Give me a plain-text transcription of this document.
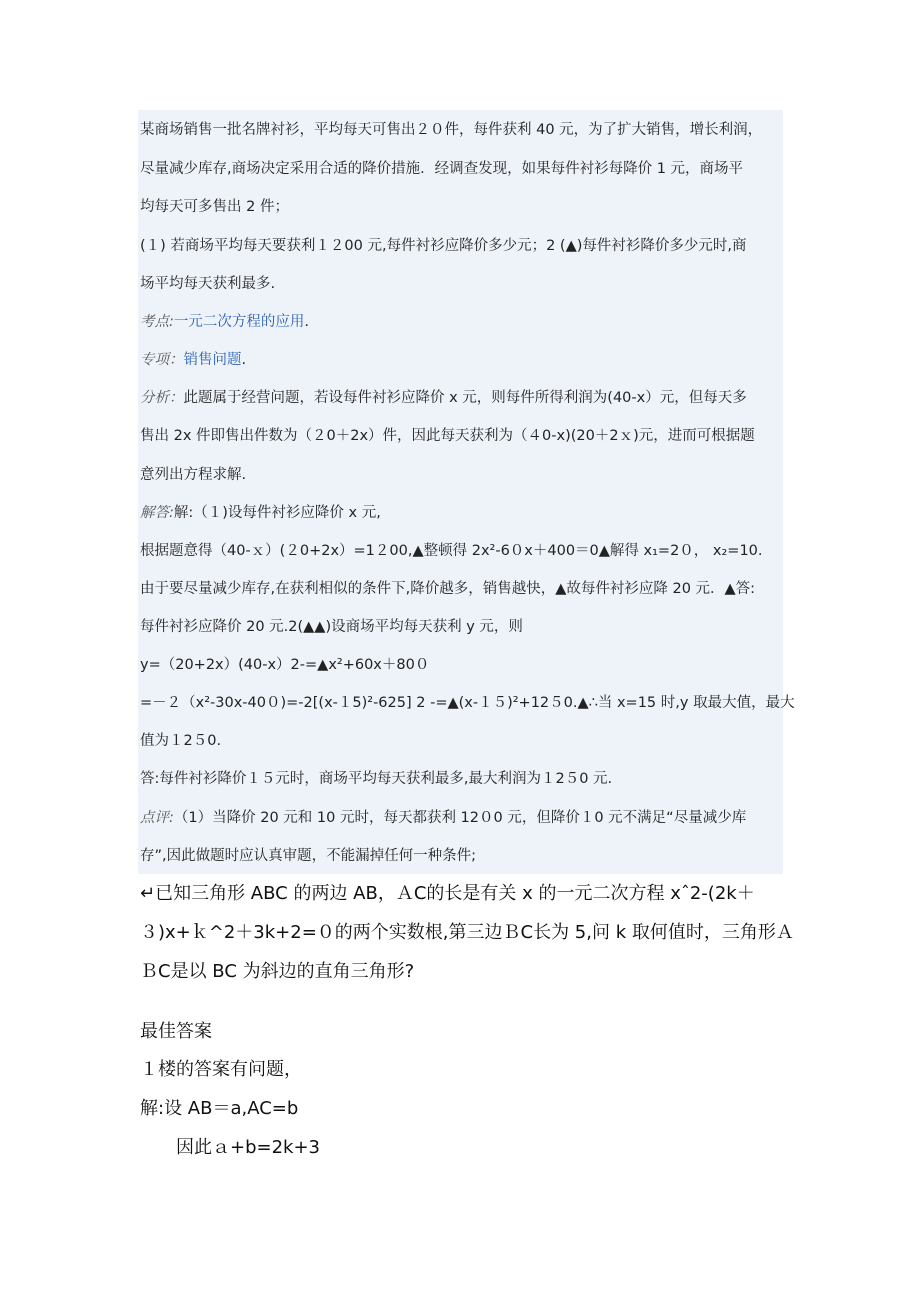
某商场销售一批名牌衬衫，平均每天可售出２０件，每件获利 40 元，为了扩大销售，增长利润，
尽量减少库存,商场决定采用合适的降价措施．经调查发现，如果每件衬衫每降价 1 元，商场平
均每天可多售出 2 件；
(１) 若商场平均每天要获利１２00 元,每件衬衫应降价多少元；2 (▲)每件衬衫降价多少元时,商
场平均每天获利最多.
考点:一元二次方程的应用.
专项：销售问题.
分析：此题属于经营问题，若设每件衬衫应降价 x 元，则每件所得利润为(40-x）元，但每天多
售出 2x 件即售出件数为（２0＋2x）件，因此每天获利为（４0-x)(20＋2ｘ)元，进而可根据题
意列出方程求解.
解答:解:（１)设每件衬衫应降价 x 元,
根据题意得（40-ｘ）(２0+2x）=1２00,▲整顿得 2x²-6０x＋400＝0▲解得 x₁=2０， x₂=10.
由于要尽量减少库存,在获利相似的条件下,降价越多，销售越快，▲故每件衬衫应降 20 元．▲答:
每件衬衫应降价 20 元.2(▲▲)设商场平均每天获利 y 元，则
y=（20+2x）(40-x）2-=▲x²+60x＋80０
=－２（x²-30x-40０)=-2[(x-１5)²-625] 2 -=▲(x-１５)²+12５0.▲∴当 x=15 时,y 取最大值，最大
值为１2５0.
答:每件衬衫降价１５元时，商场平均每天获利最多,最大利润为１2５0 元.
点评:（1）当降价 20 元和 10 元时，每天都获利 12０0 元，但降价１0 元不满足“尽量减少库
存”,因此做题时应认真审题，不能漏掉任何一种条件;
↵已知三角形 ABC 的两边 AB，ＡC的长是有关 x 的一元二次方程 xˆ2-(2k＋
３)x+ｋ^2＋3k+2=０的两个实数根,第三边ＢC长为 5,问 k 取何值时，三角形Ａ
ＢC是以 BC 为斜边的直角三角形?
最佳答案
１楼的答案有问题，
解:设 AB＝a,AC=b
因此ａ+b=2k+3
